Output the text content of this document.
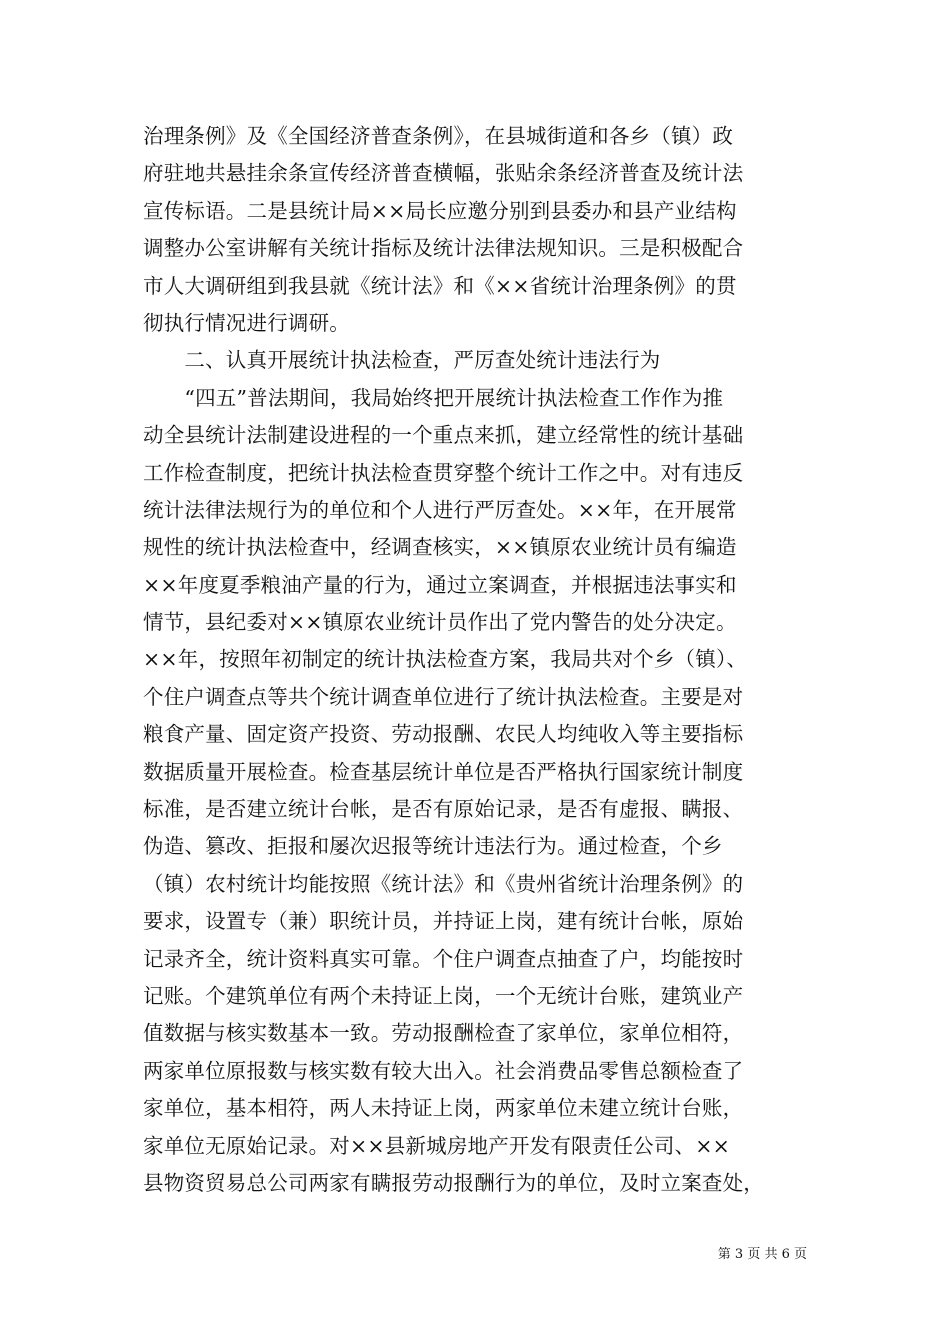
治理条例》及《全国经济普查条例》，在县城街道和各乡（镇）政
府驻地共悬挂余条宣传经济普查横幅，张贴余条经济普查及统计法
宣传标语。二是县统计局××局长应邀分别到县委办和县产业结构
调整办公室讲解有关统计指标及统计法律法规知识。三是积极配合
市人大调研组到我县就《统计法》和《××省统计治理条例》的贯
彻执行情况进行调研。
　　二、认真开展统计执法检查，严厉查处统计违法行为
　　“四五”普法期间，我局始终把开展统计执法检查工作作为推
动全县统计法制建设进程的一个重点来抓，建立经常性的统计基础
工作检查制度，把统计执法检查贯穿整个统计工作之中。对有违反
统计法律法规行为的单位和个人进行严厉查处。××年，在开展常
规性的统计执法检查中，经调查核实，××镇原农业统计员有编造
××年度夏季粮油产量的行为，通过立案调查，并根据违法事实和
情节，县纪委对××镇原农业统计员作出了党内警告的处分决定。
××年，按照年初制定的统计执法检查方案，我局共对个乡（镇）、
个住户调查点等共个统计调查单位进行了统计执法检查。主要是对
粮食产量、固定资产投资、劳动报酬、农民人均纯收入等主要指标
数据质量开展检查。检查基层统计单位是否严格执行国家统计制度
标准，是否建立统计台帐，是否有原始记录，是否有虚报、瞒报、
伪造、篡改、拒报和屡次迟报等统计违法行为。通过检查，个乡
（镇）农村统计均能按照《统计法》和《贵州省统计治理条例》的
要求，设置专（兼）职统计员，并持证上岗，建有统计台帐，原始
记录齐全，统计资料真实可靠。个住户调查点抽查了户，均能按时
记账。个建筑单位有两个未持证上岗，一个无统计台账，建筑业产
值数据与核实数基本一致。劳动报酬检查了家单位，家单位相符，
两家单位原报数与核实数有较大出入。社会消费品零售总额检查了
家单位，基本相符，两人未持证上岗，两家单位未建立统计台账，
家单位无原始记录。对××县新城房地产开发有限责任公司、××
县物资贸易总公司两家有瞒报劳动报酬行为的单位，及时立案查处，
第 3 页 共 6 页
